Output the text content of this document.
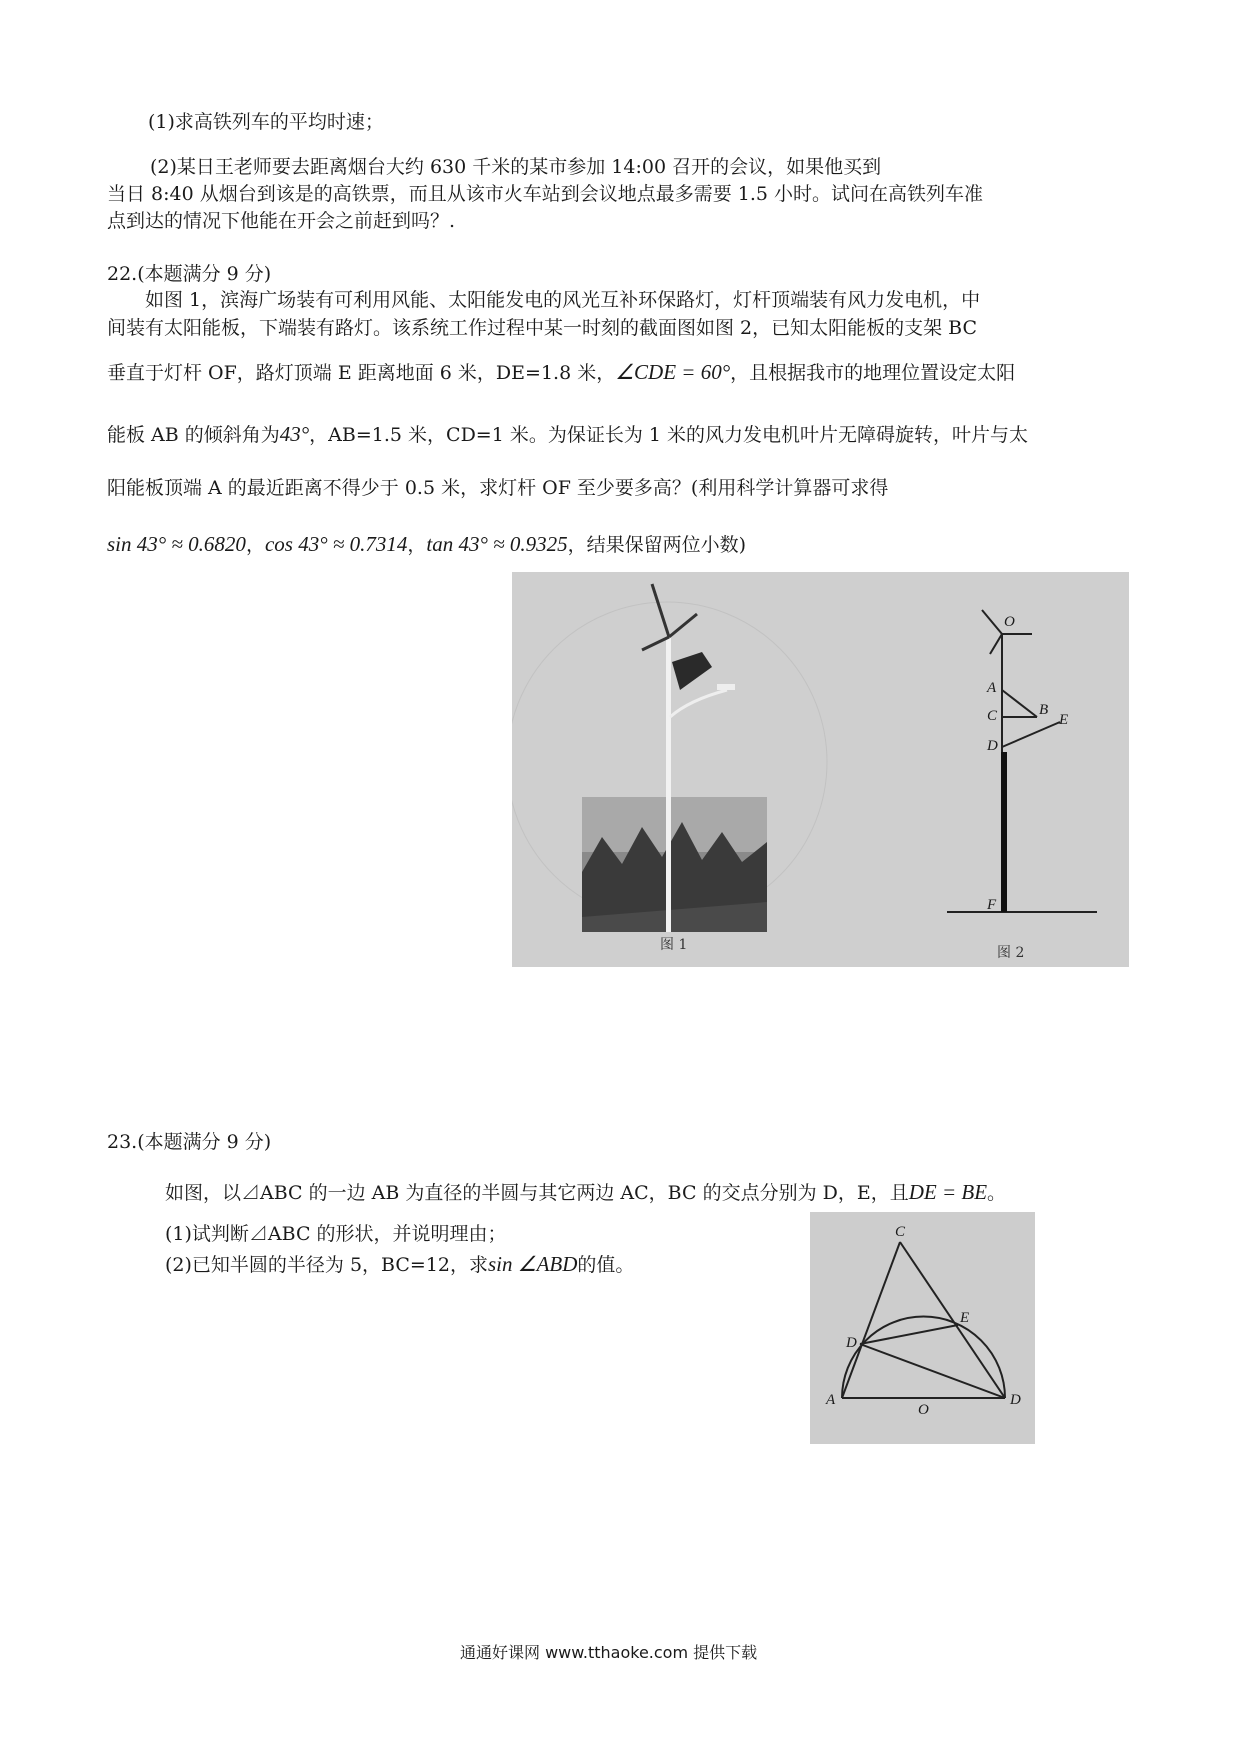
(1)求高铁列车的平均时速；
(2)某日王老师要去距离烟台大约 630 千米的某市参加 14:00 召开的会议，如果他买到
当日 8:40 从烟台到该是的高铁票，而且从该市火车站到会议地点最多需要 1.5 小时。试问在高铁列车准
点到达的情况下他能在开会之前赶到吗？.
22.(本题满分 9 分)
如图 1，滨海广场装有可利用风能、太阳能发电的风光互补环保路灯，灯杆顶端装有风力发电机，中
间装有太阳能板，下端装有路灯。该系统工作过程中某一时刻的截面图如图 2，已知太阳能板的支架 BC
垂直于灯杆 OF，路灯顶端 E 距离地面 6 米，DE=1.8 米，∠CDE = 60°，且根据我市的地理位置设定太阳
能板 AB 的倾斜角为43°，AB=1.5 米，CD=1 米。为保证长为 1 米的风力发电机叶片无障碍旋转，叶片与太
阳能板顶端 A 的最近距离不得少于 0.5 米，求灯杆 OF 至少要多高？(利用科学计算器可求得
sin 43° ≈ 0.6820，cos 43° ≈ 0.7314，tan 43° ≈ 0.9325，结果保留两位小数)
图 1
O
A
C	B
E
D
F
图 2
23.(本题满分 9 分)
如图，以⊿ABC 的一边 AB 为直径的半圆与其它两边 AC，BC 的交点分别为 D，E，且DE = BE。
(1)试判断⊿ABC 的形状，并说明理由；
(2)已知半圆的半径为 5，BC=12，求sin ∠ABD的值。
C
E
D
A
O
D
通通好课网 www.tthaoke.com 提供下载
